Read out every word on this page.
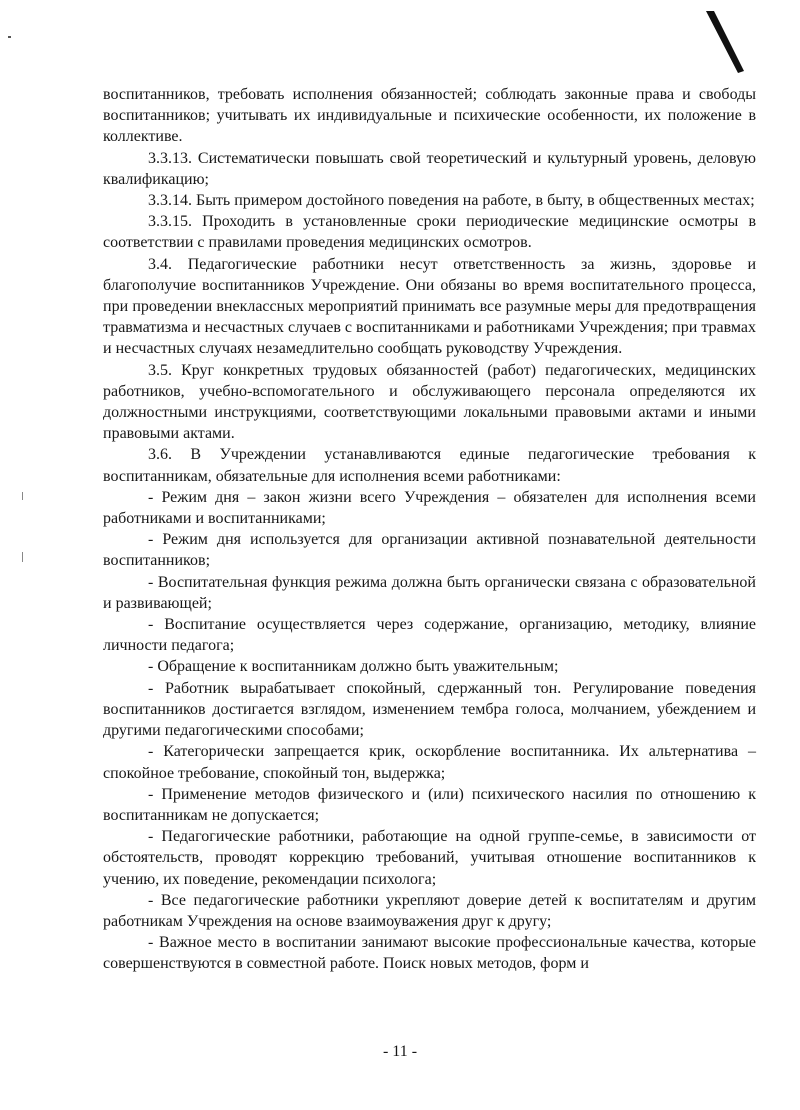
воспитанников, требовать исполнения обязанностей; соблюдать законные права и свободы воспитанников; учитывать их индивидуальные и психические особенности, их положение в коллективе.

3.3.13. Систематически повышать свой теоретический и культурный уровень, деловую квалификацию;

3.3.14. Быть примером достойного поведения на работе, в быту, в общественных местах;

3.3.15. Проходить в установленные сроки периодические медицинские осмотры в соответствии с правилами проведения медицинских осмотров.

3.4. Педагогические работники несут ответственность за жизнь, здоровье и благополучие воспитанников Учреждение. Они обязаны во время воспитательного процесса, при проведении внеклассных мероприятий принимать все разумные меры для предотвращения травматизма и несчастных случаев с воспитанниками и работниками Учреждения; при травмах и несчастных случаях незамедлительно сообщать руководству Учреждения.

3.5. Круг конкретных трудовых обязанностей (работ) педагогических, медицинских работников, учебно-вспомогательного и обслуживающего персонала определяются их должностными инструкциями, соответствующими локальными правовыми актами и иными правовыми актами.

3.6. В Учреждении устанавливаются единые педагогические требования к воспитанникам, обязательные для исполнения всеми работниками:

- Режим дня – закон жизни всего Учреждения – обязателен для исполнения всеми работниками и воспитанниками;

- Режим дня используется для организации активной познавательной деятельности воспитанников;

- Воспитательная функция режима должна быть органически связана с образовательной и развивающей;

- Воспитание осуществляется через содержание, организацию, методику, влияние личности педагога;

- Обращение к воспитанникам должно быть уважительным;

- Работник вырабатывает спокойный, сдержанный тон. Регулирование поведения воспитанников достигается взглядом, изменением тембра голоса, молчанием, убеждением и другими педагогическими способами;

- Категорически запрещается крик, оскорбление воспитанника. Их альтернатива – спокойное требование, спокойный тон, выдержка;

- Применение методов физического и (или) психического насилия по отношению к воспитанникам не допускается;

- Педагогические работники, работающие на одной группе-семье, в зависимости от обстоятельств, проводят коррекцию требований, учитывая отношение воспитанников к учению, их поведение, рекомендации психолога;

- Все педагогические работники укрепляют доверие детей к воспитателям и другим работникам Учреждения на основе взаимоуважения друг к другу;

- Важное место в воспитании занимают высокие профессиональные качества, которые совершенствуются в совместной работе. Поиск новых методов, форм и

- 11 -
